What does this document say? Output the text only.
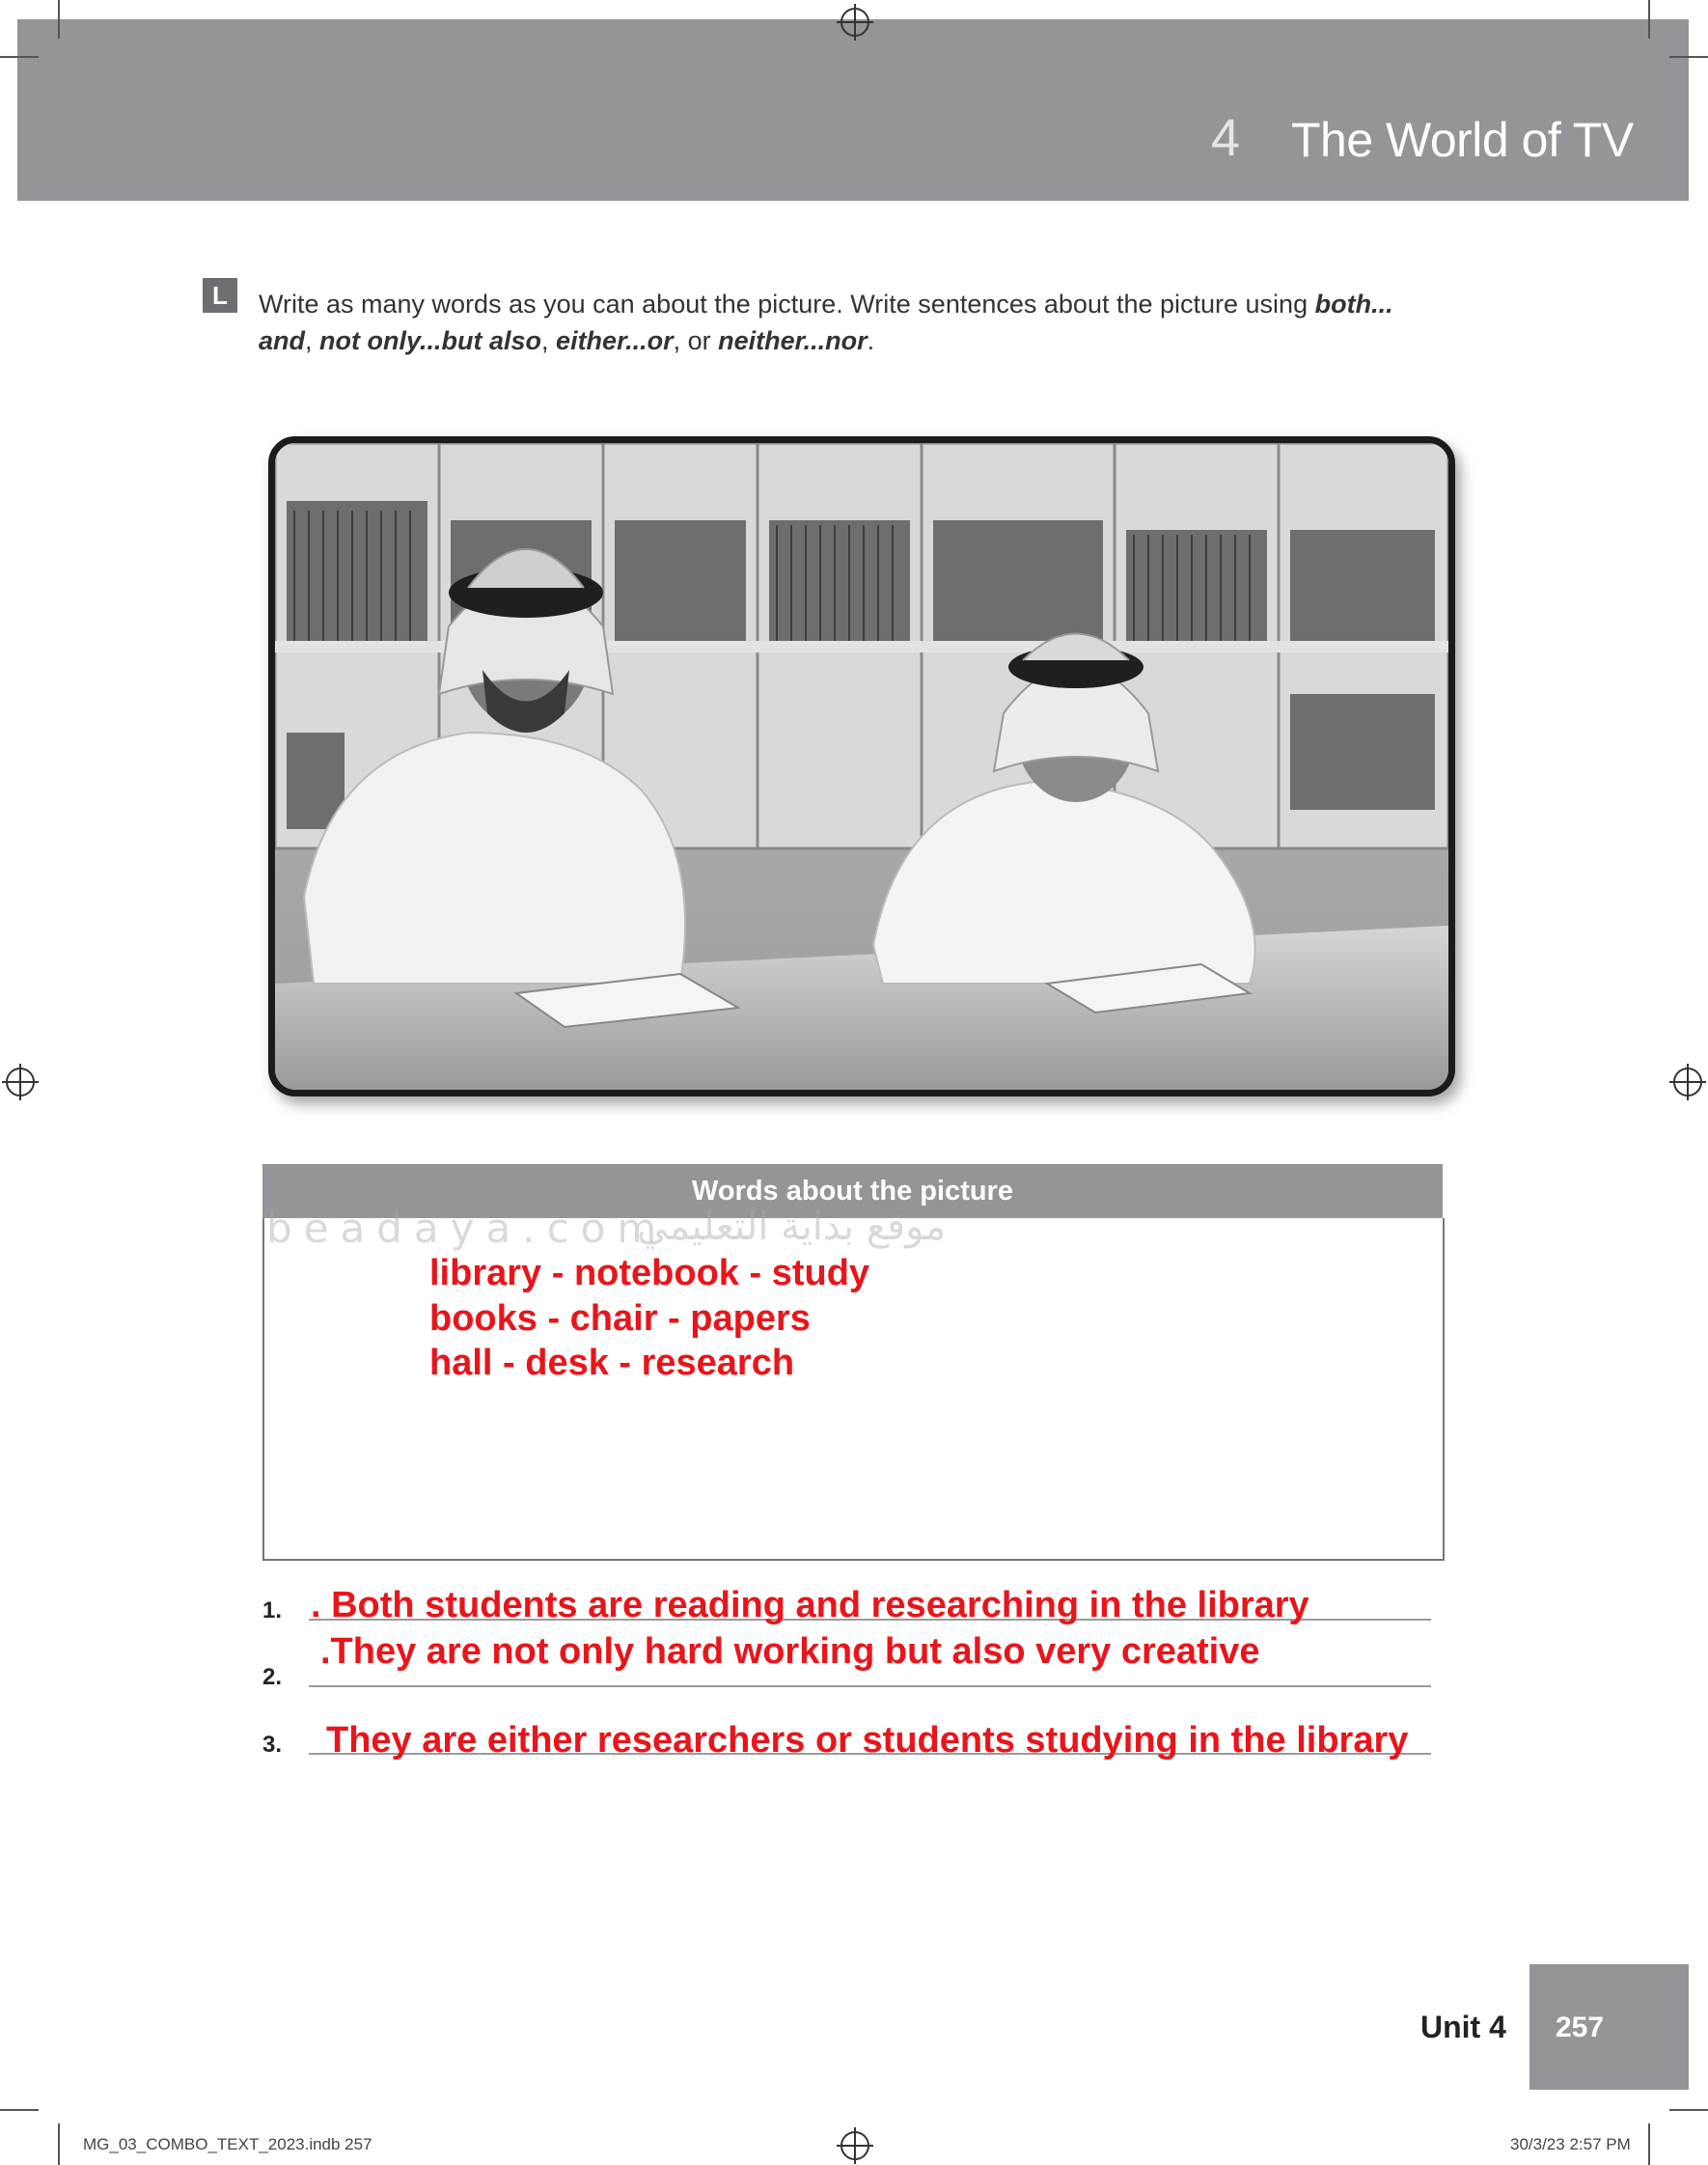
4 The World of TV
L	Write as many words as you can about the picture. Write sentences about the picture using both... and, not only...but also, either...or, or neither...nor.
Words about the picture
library - notebook - study
books - chair - papers
hall - desk - research
beadaya.com
موقع بداية التعليمي
1. . Both students are reading and researching in the library
2.
.They are not only hard working but also very creative
3. They are either researchers or students studying in the library
Unit 4 257
MG_03_COMBO_TEXT_2023.indb 257	30/3/23 2:57 PM
